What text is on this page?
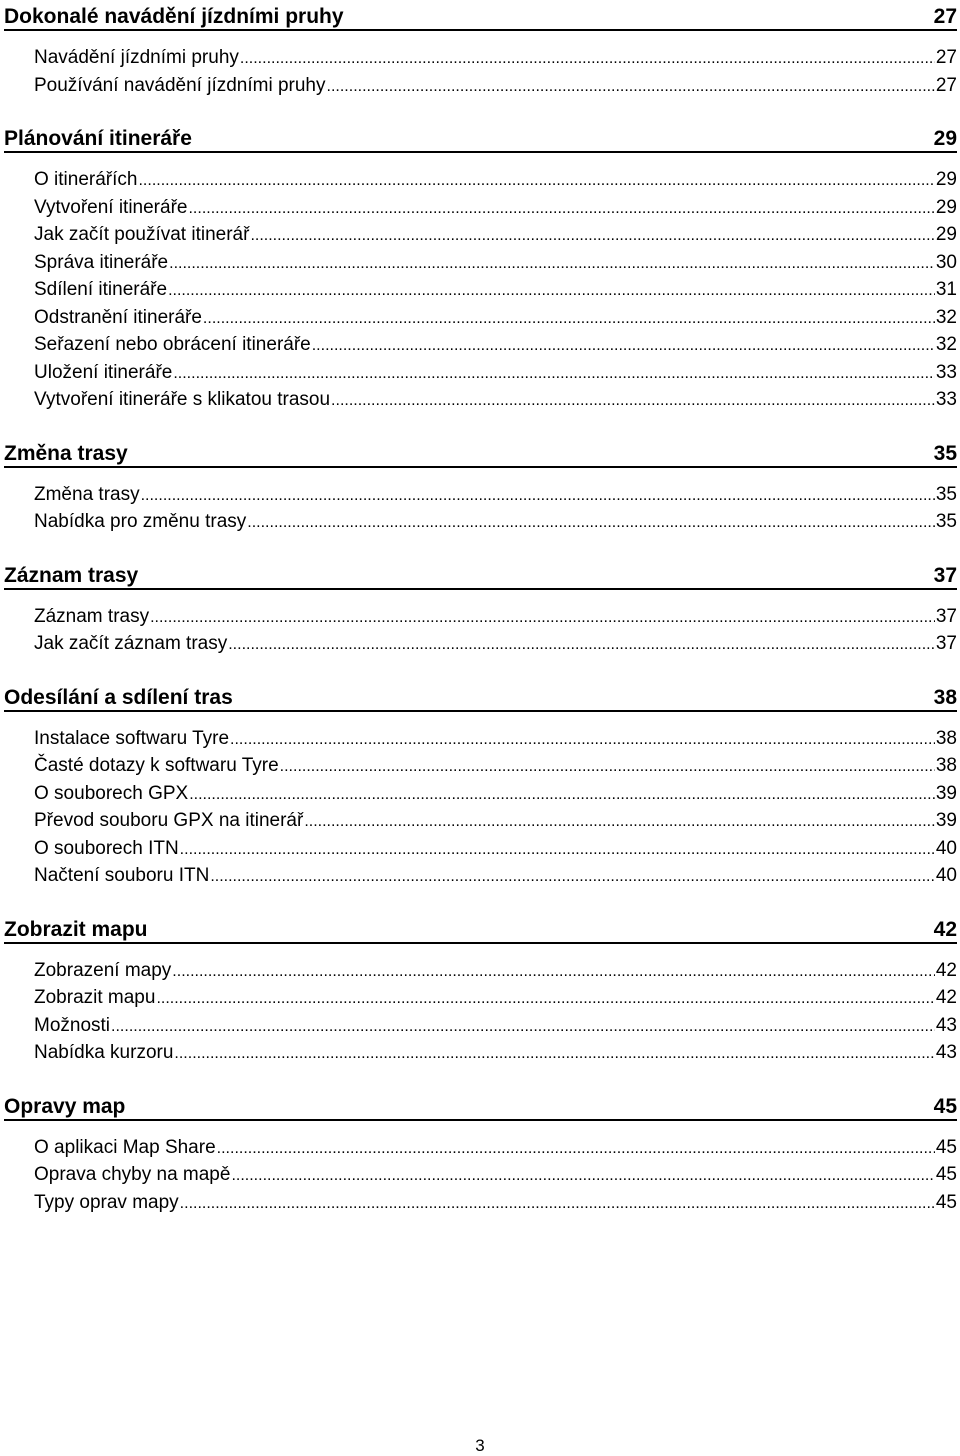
Dokonalé navádění jízdními pruhy	27
Navádění jízdními pruhy .....	27
Používání navádění jízdními pruhy .....	27
Plánování itineráře	29
O itinerářích .....	29
Vytvoření itineráře .....	29
Jak začít používat itinerář .....	29
Správa itineráře .....	30
Sdílení itineráře .....	31
Odstranění itineráře .....	32
Seřazení nebo obrácení itineráře .....	32
Uložení itineráře .....	33
Vytvoření itineráře s klikatou trasou .....	33
Změna trasy	35
Změna trasy .....	35
Nabídka pro změnu trasy .....	35
Záznam trasy	37
Záznam trasy .....	37
Jak začít záznam trasy .....	37
Odesílání a sdílení tras	38
Instalace softwaru Tyre .....	38
Časté dotazy k softwaru Tyre .....	38
O souborech GPX .....	39
Převod souboru GPX na itinerář .....	39
O souborech ITN .....	40
Načtení souboru ITN .....	40
Zobrazit mapu	42
Zobrazení mapy .....	42
Zobrazit mapu .....	42
Možnosti .....	43
Nabídka kurzoru .....	43
Opravy map	45
O aplikaci Map Share .....	45
Oprava chyby na mapě .....	45
Typy oprav mapy .....	45
3
